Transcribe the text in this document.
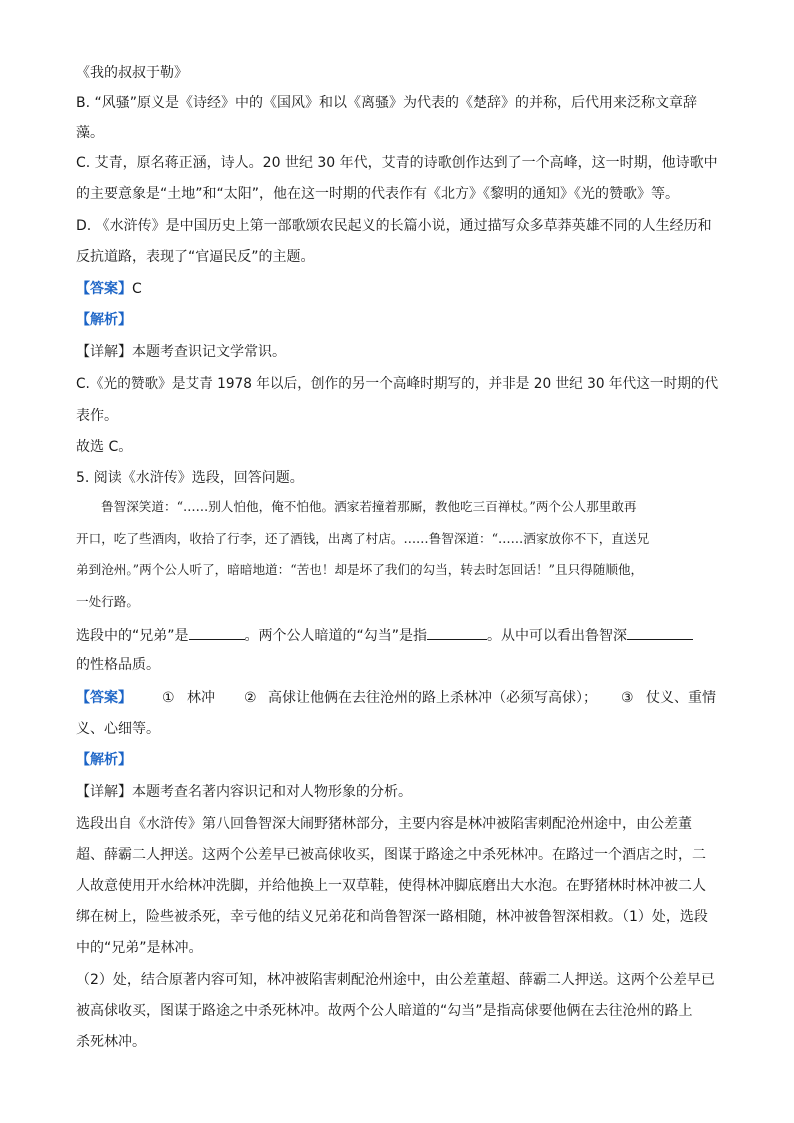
《我的叔叔于勒》
B. “风骚”原义是《诗经》中的《国风》和以《离骚》为代表的《楚辞》的并称，后代用来泛称文章辞
藻。
C. 艾青，原名蒋正涵，诗人。20 世纪 30 年代，艾青的诗歌创作达到了一个高峰，这一时期，他诗歌中
的主要意象是“土地”和“太阳”，他在这一时期的代表作有《北方》《黎明的通知》《光的赞歌》等。
D. 《水浒传》是中国历史上第一部歌颂农民起义的长篇小说，通过描写众多草莽英雄不同的人生经历和
反抗道路，表现了“官逼民反”的主题。
【答案】C
【解析】
【详解】本题考查识记文学常识。
C.《光的赞歌》是艾青 1978 年以后，创作的另一个高峰时期写的，并非是 20 世纪 30 年代这一时期的代
表作。
故选 C。
5. 阅读《水浒传》选段，回答问题。
鲁智深笑道：“……别人怕他，俺不怕他。洒家若撞着那厮，教他吃三百禅杖。”两个公人那里敢再
开口，吃了些酒肉，收拾了行李，还了酒钱，出离了村店。……鲁智深道：“……洒家放你不下，直送兄
弟到沧州。”两个公人听了，暗暗地道：“苦也！却是坏了我们的勾当，转去时怎回话！”且只得随顺他，
一处行路。
选段中的“兄弟”是	。两个公人暗道的“勾当”是指	。从中可以看出鲁智深
的性格品质。
【答案】 ① 林冲 ② 高俅让他俩在去往沧州的路上杀林冲（必须写高俅）； ③ 仗义、重情
义、心细等。
【解析】
【详解】本题考查名著内容识记和对人物形象的分析。
选段出自《水浒传》第八回鲁智深大闹野猪林部分，主要内容是林冲被陷害刺配沧州途中，由公差董
超、薛霸二人押送。这两个公差早已被高俅收买，图谋于路途之中杀死林冲。在路过一个酒店之时，二
人故意使用开水给林冲洗脚，并给他换上一双草鞋，使得林冲脚底磨出大水泡。在野猪林时林冲被二人
绑在树上，险些被杀死，幸亏他的结义兄弟花和尚鲁智深一路相随，林冲被鲁智深相救。（1）处，选段
中的“兄弟”是林冲。
（2）处，结合原著内容可知，林冲被陷害刺配沧州途中，由公差董超、薛霸二人押送。这两个公差早已
被高俅收买，图谋于路途之中杀死林冲。故两个公人暗道的“勾当”是指高俅要他俩在去往沧州的路上
杀死林冲。
